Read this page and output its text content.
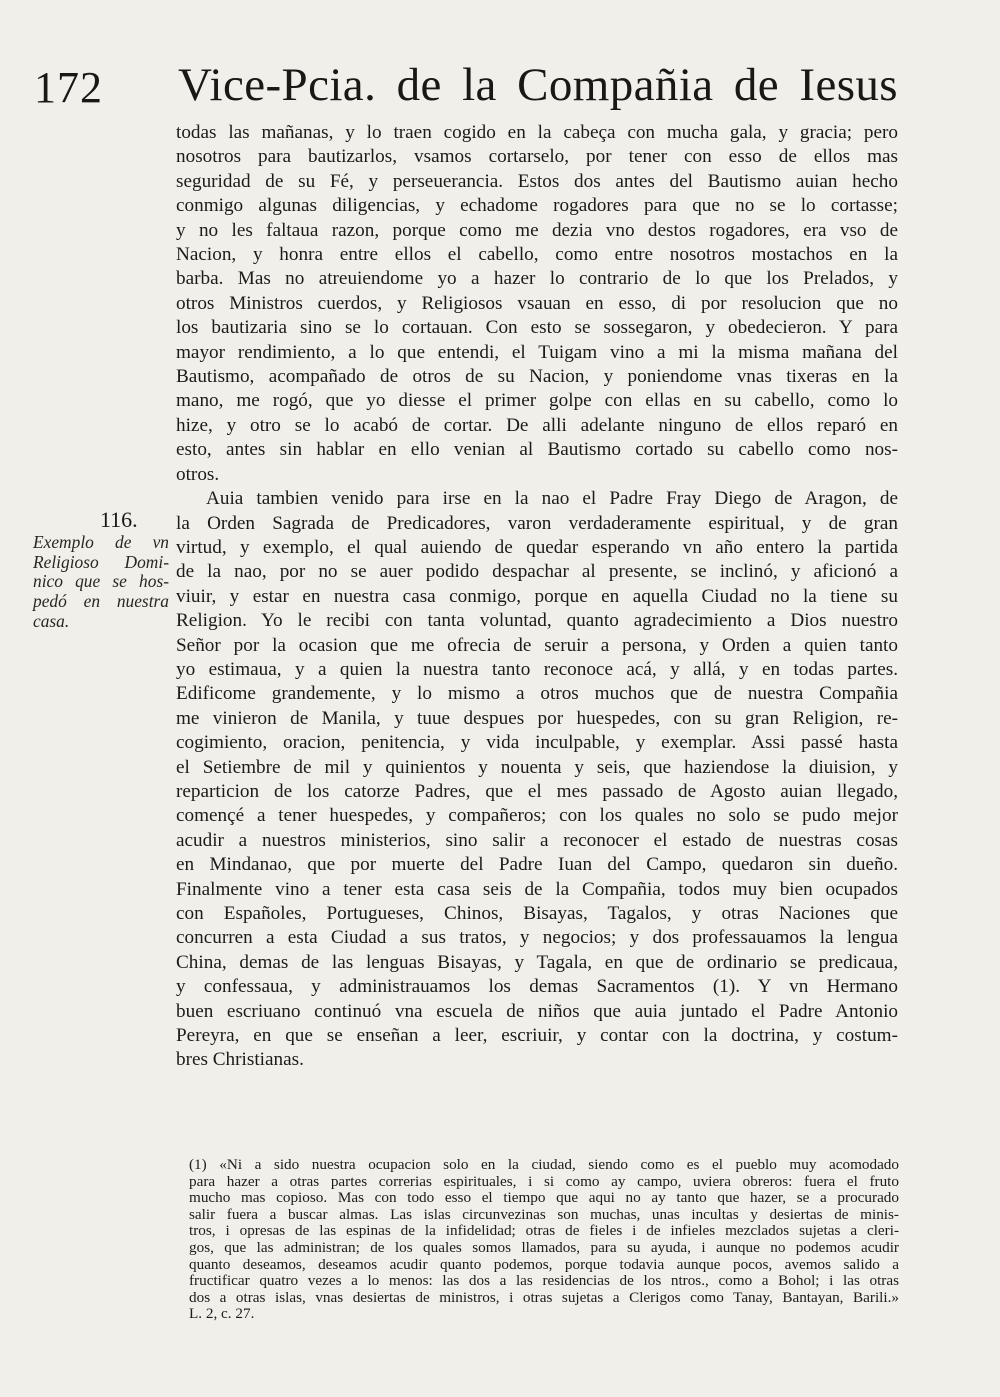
172 Vice-Pcia. de la Compañia de Iesus
116.
Exemplo de vn
Religioso Domi-
nico que se hos-
pedó en nuestra
casa.
todas las mañanas, y lo traen cogido en la cabeça con mucha gala, y gracia; pero
nosotros para bautizarlos, vsamos cortarselo, por tener con esso de ellos mas
seguridad de su Fé, y perseuerancia. Estos dos antes del Bautismo auian hecho
conmigo algunas diligencias, y echadome rogadores para que no se lo cortasse;
y no les faltaua razon, porque como me dezia vno destos rogadores, era vso de
Nacion, y honra entre ellos el cabello, como entre nosotros mostachos en la
barba. Mas no atreuiendome yo a hazer lo contrario de lo que los Prelados, y
otros Ministros cuerdos, y Religiosos vsauan en esso, di por resolucion que no
los bautizaria sino se lo cortauan. Con esto se sossegaron, y obedecieron. Y para
mayor rendimiento, a lo que entendi, el Tuigam vino a mi la misma mañana del
Bautismo, acompañado de otros de su Nacion, y poniendome vnas tixeras en la
mano, me rogó, que yo diesse el primer golpe con ellas en su cabello, como lo
hize, y otro se lo acabó de cortar. De alli adelante ninguno de ellos reparó en
esto, antes sin hablar en ello venian al Bautismo cortado su cabello como nos-
otros.
Auia tambien venido para irse en la nao el Padre Fray Diego de Aragon, de
la Orden Sagrada de Predicadores, varon verdaderamente espiritual, y de gran
virtud, y exemplo, el qual auiendo de quedar esperando vn año entero la partida
de la nao, por no se auer podido despachar al presente, se inclinó, y aficionó a
viuir, y estar en nuestra casa conmigo, porque en aquella Ciudad no la tiene su
Religion. Yo le recibi con tanta voluntad, quanto agradecimiento a Dios nuestro
Señor por la ocasion que me ofrecia de seruir a persona, y Orden a quien tanto
yo estimaua, y a quien la nuestra tanto reconoce acá, y allá, y en todas partes.
Edificome grandemente, y lo mismo a otros muchos que de nuestra Compañia
me vinieron de Manila, y tuue despues por huespedes, con su gran Religion, re-
cogimiento, oracion, penitencia, y vida inculpable, y exemplar. Assi passé hasta
el Setiembre de mil y quinientos y nouenta y seis, que haziendose la diuision, y
reparticion de los catorze Padres, que el mes passado de Agosto auian llegado,
començé a tener huespedes, y compañeros; con los quales no solo se pudo mejor
acudir a nuestros ministerios, sino salir a reconocer el estado de nuestras cosas
en Mindanao, que por muerte del Padre Iuan del Campo, quedaron sin dueño.
Finalmente vino a tener esta casa seis de la Compañia, todos muy bien ocupados
con Españoles, Portugueses, Chinos, Bisayas, Tagalos, y otras Naciones que
concurren a esta Ciudad a sus tratos, y negocios; y dos professauamos la lengua
China, demas de las lenguas Bisayas, y Tagala, en que de ordinario se predicaua,
y confessaua, y administrauamos los demas Sacramentos (1). Y vn Hermano
buen escriuano continuó vna escuela de niños que auia juntado el Padre Antonio
Pereyra, en que se enseñan a leer, escriuir, y contar con la doctrina, y costum-
bres Christianas.
(1) «Ni a sido nuestra ocupacion solo en la ciudad, siendo como es el pueblo muy acomodado
para hazer a otras partes correrias espirituales, i si como ay campo, uviera obreros: fuera el fruto
mucho mas copioso. Mas con todo esso el tiempo que aqui no ay tanto que hazer, se a procurado
salir fuera a buscar almas. Las islas circunvezinas son muchas, unas incultas y desiertas de minis-
tros, i opresas de las espinas de la infidelidad; otras de fieles i de infieles mezclados sujetas a cleri-
gos, que las administran; de los quales somos llamados, para su ayuda, i aunque no podemos acudir
quanto deseamos, deseamos acudir quanto podemos, porque todavia aunque pocos, avemos salido a
fructificar quatro vezes a lo menos: las dos a las residencias de los ntros., como a Bohol; i las otras
dos a otras islas, vnas desiertas de ministros, i otras sujetas a Clerigos como Tanay, Bantayan, Barili.»
L. 2, c. 27.
